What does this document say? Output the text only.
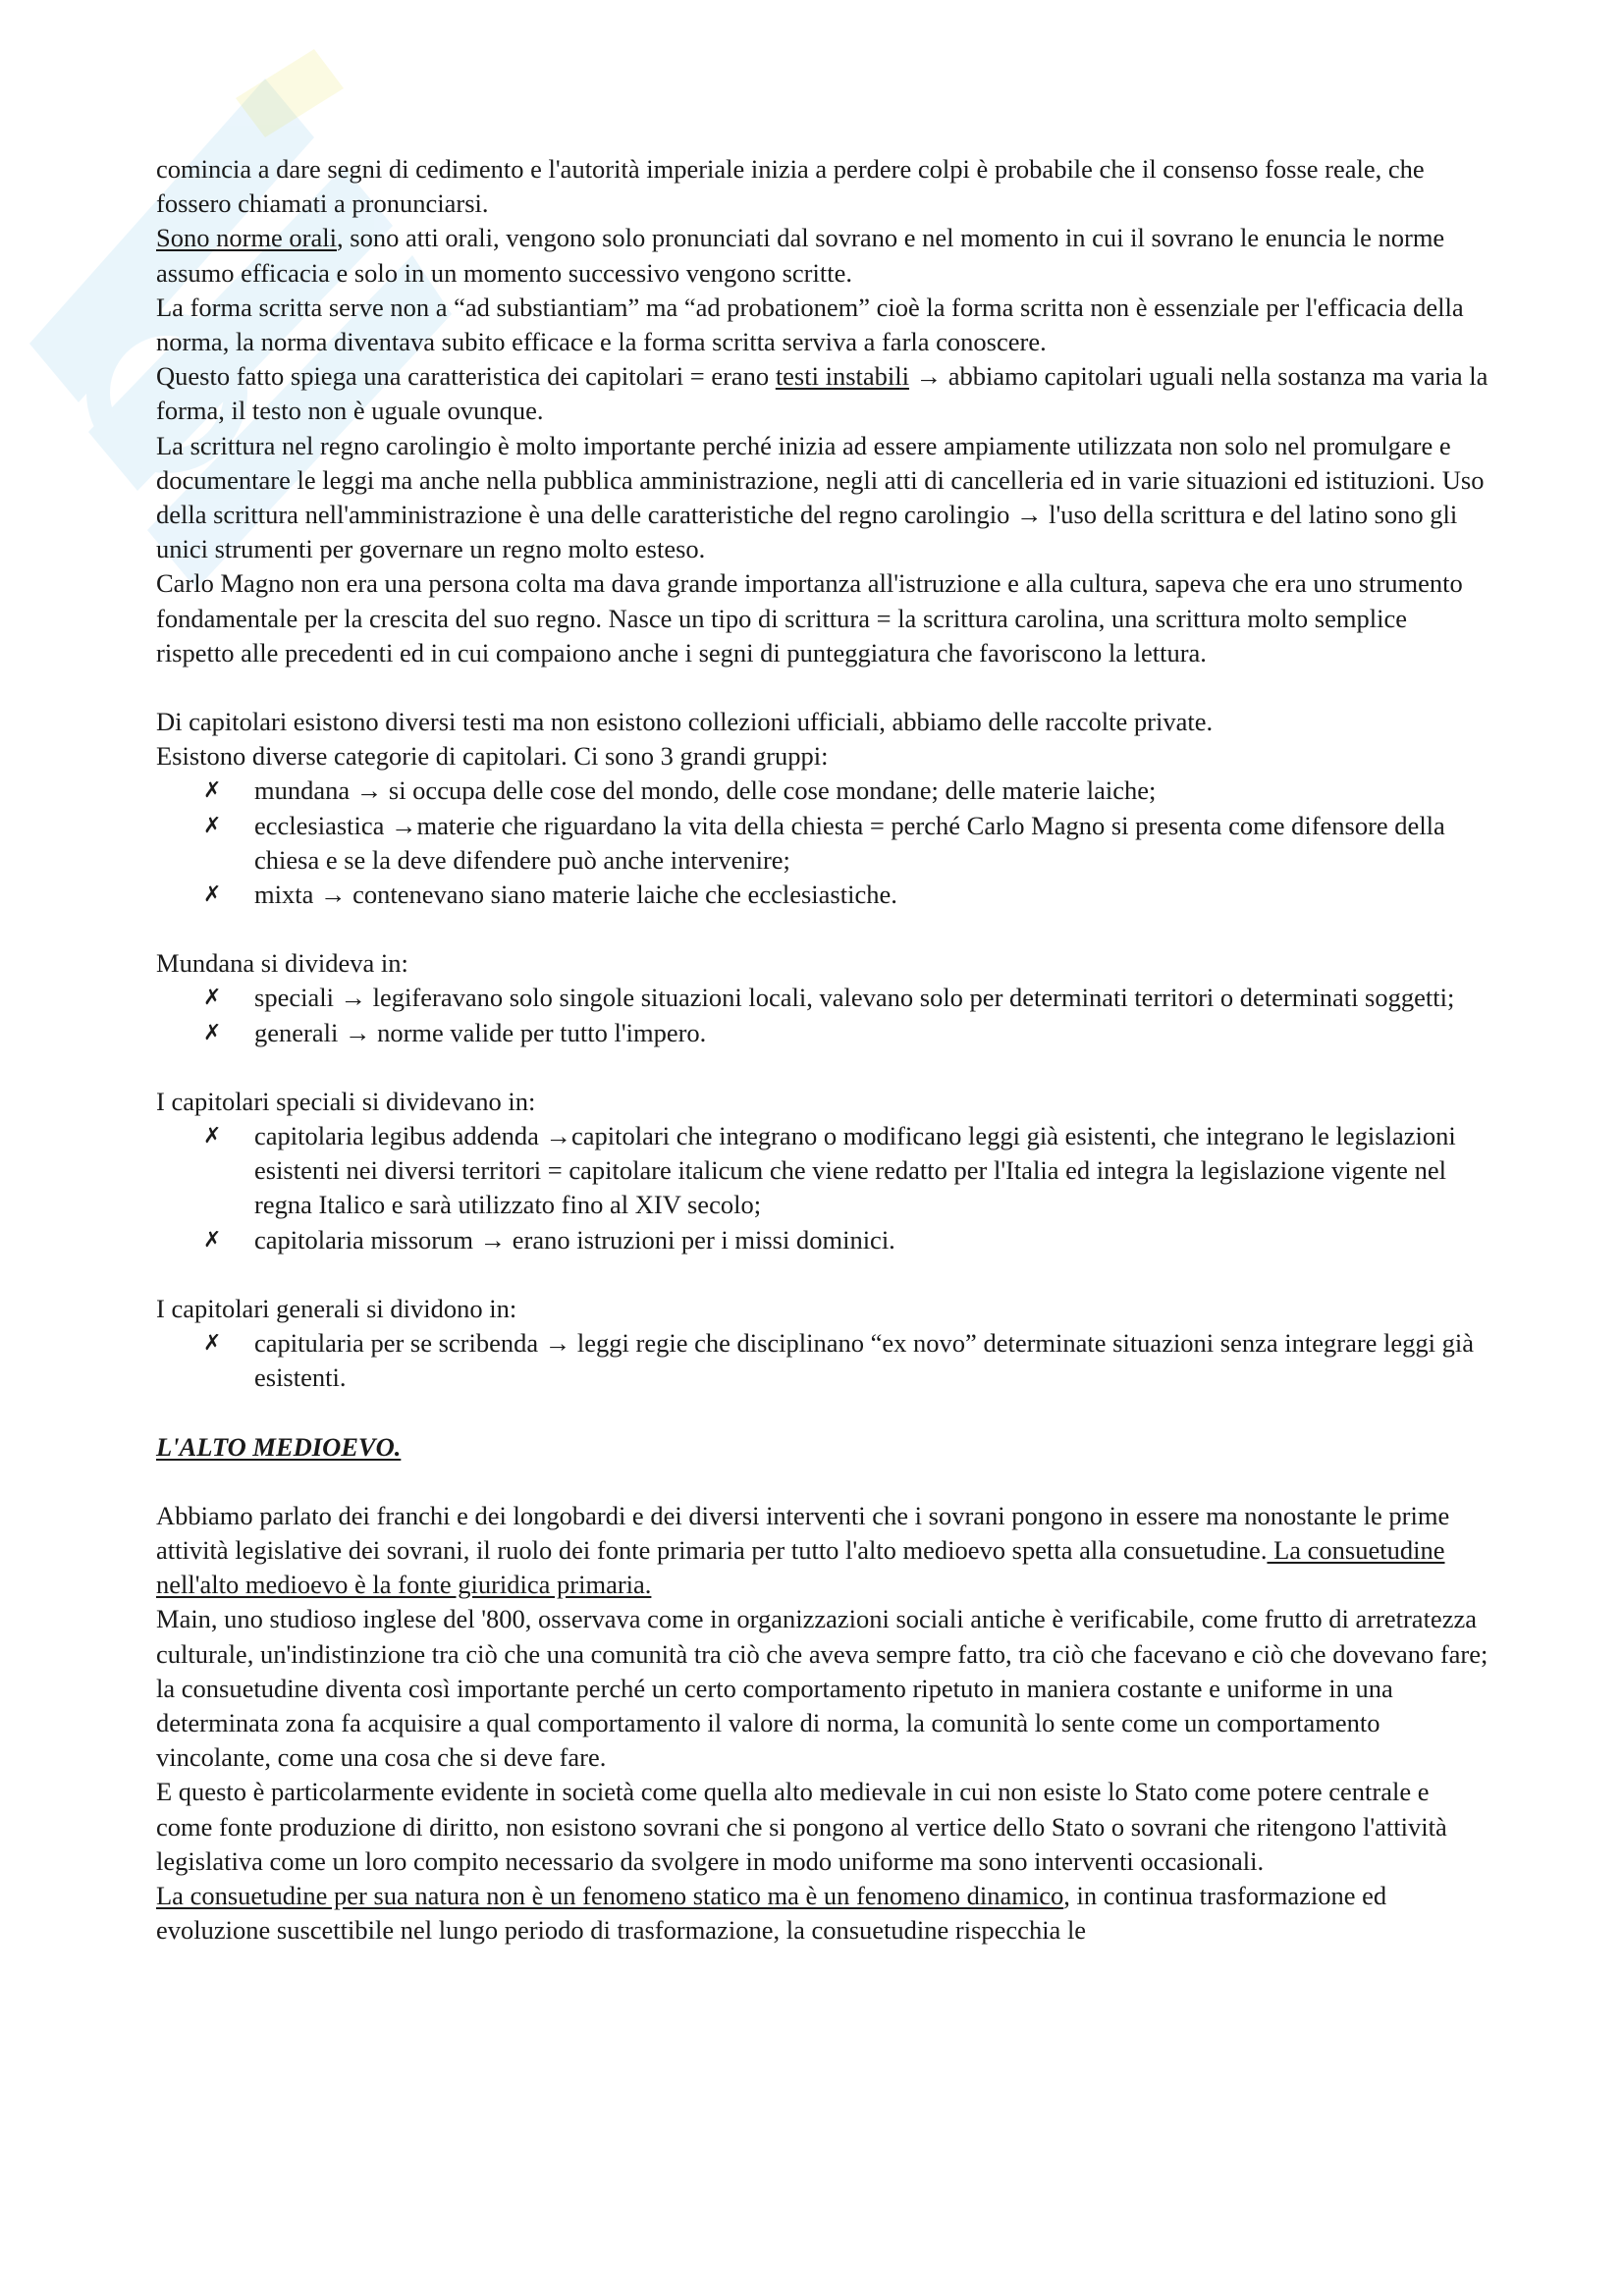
comincia a dare segni di cedimento e l'autorità imperiale inizia a perdere colpi è probabile che il consenso fosse reale, che fossero chiamati a pronunciarsi.

Sono norme orali, sono atti orali, vengono solo pronunciati dal sovrano e nel momento in cui il sovrano le enuncia le norme assumo efficacia e solo in un momento successivo vengono scritte.

La forma scritta serve non a “ad substiantiam” ma “ad probationem” cioè la forma scritta non è essenziale per l'efficacia della norma, la norma diventava subito efficace e la forma scritta serviva a farla conoscere.

Questo fatto spiega una caratteristica dei capitolari = erano testi instabili → abbiamo capitolari uguali nella sostanza ma varia la forma, il testo non è uguale ovunque.

La scrittura nel regno carolingio è molto importante perché inizia ad essere ampiamente utilizzata non solo nel promulgare e documentare le leggi ma anche nella pubblica amministrazione, negli atti di cancelleria ed in varie situazioni ed istituzioni. Uso della scrittura nell'amministrazione è una delle caratteristiche del regno carolingio → l'uso della scrittura e del latino sono gli unici strumenti per governare un regno molto esteso.

Carlo Magno non era una persona colta ma dava grande importanza all'istruzione e alla cultura, sapeva che era uno strumento fondamentale per la crescita del suo regno. Nasce un tipo di scrittura = la scrittura carolina, una scrittura molto semplice rispetto alle precedenti ed in cui compaiono anche i segni di punteggiatura che favoriscono la lettura.

Di capitolari esistono diversi testi ma non esistono collezioni ufficiali, abbiamo delle raccolte private.

Esistono diverse categorie di capitolari. Ci sono 3 grandi gruppi:

✗ mundana → si occupa delle cose del mondo, delle cose mondane; delle materie laiche;
✗ ecclesiastica →materie che riguardano la vita della chiesta = perché Carlo Magno si presenta come difensore della chiesa e se la deve difendere può anche intervenire;
✗ mixta → contenevano siano materie laiche che ecclesiastiche.

Mundana si divideva in:

✗ speciali → legiferavano solo singole situazioni locali, valevano solo per determinati territori o determinati soggetti;
✗ generali → norme valide per tutto l'impero.

I capitolari speciali si dividevano in:

✗ capitolaria legibus addenda →capitolari che integrano o modificano leggi già esistenti, che integrano le legislazioni esistenti nei diversi territori = capitolare italicum che viene redatto per l'Italia ed integra la legislazione vigente nel regna Italico e sarà utilizzato fino al XIV secolo;
✗ capitolaria missorum → erano istruzioni per i missi dominici.

I capitolari generali si dividono in:

✗ capitularia per se scribenda → leggi regie che disciplinano “ex novo” determinate situazioni senza integrare leggi già esistenti.

L'ALTO MEDIOEVO.

Abbiamo parlato dei franchi e dei longobardi e dei diversi interventi che i sovrani pongono in essere ma nonostante le prime attività legislative dei sovrani, il ruolo dei fonte primaria per tutto l'alto medioevo spetta alla consuetudine. La consuetudine nell'alto medioevo è la fonte giuridica primaria.

Main, uno studioso inglese del '800, osservava come in organizzazioni sociali antiche è verificabile, come frutto di arretratezza culturale, un'indistinzione tra ciò che una comunità tra ciò che aveva sempre fatto, tra ciò che facevano e ciò che dovevano fare; la consuetudine diventa così importante perché un certo comportamento ripetuto in maniera costante e uniforme in una determinata zona fa acquisire a qual comportamento il valore di norma, la comunità lo sente come un comportamento vincolante, come una cosa che si deve fare.

E questo è particolarmente evidente in società come quella alto medievale in cui non esiste lo Stato come potere centrale e come fonte produzione di diritto, non esistono sovrani che si pongono al vertice dello Stato o sovrani che ritengono l'attività legislativa come un loro compito necessario da svolgere in modo uniforme ma sono interventi occasionali.

La consuetudine per sua natura non è un fenomeno statico ma è un fenomeno dinamico, in continua trasformazione ed evoluzione suscettibile nel lungo periodo di trasformazione, la consuetudine rispecchia le
